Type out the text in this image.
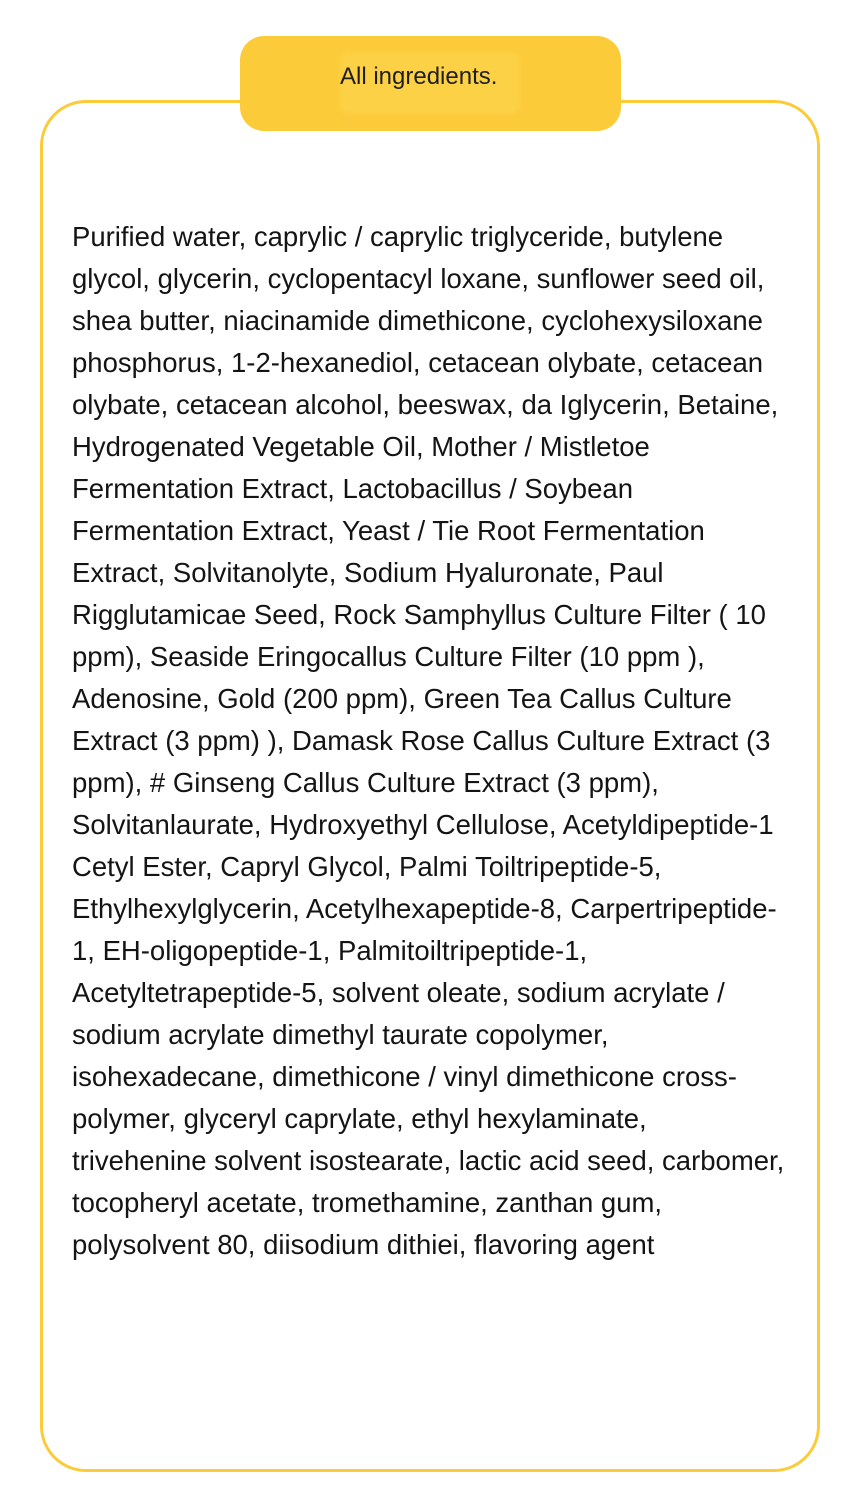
All ingredients.

Purified water, caprylic / caprylic triglyceride, butylene glycol, glycerin, cyclopentacyl loxane, sunflower seed oil, shea butter, niacinamide dimethicone, cyclohexysiloxane phosphorus, 1-2-hexanediol, cetacean olybate, cetacean olybate, cetacean alcohol, beeswax, da Iglycerin, Betaine, Hydrogenated Vegetable Oil, Mother / Mistletoe Fermentation Extract, Lactobacillus / Soybean Fermentation Extract, Yeast / Tie Root Fermentation Extract, Solvitanolyte, Sodium Hyaluronate, Paul Rigglutamicae Seed, Rock Samphyllus Culture Filter ( 10 ppm), Seaside Eringocallus Culture Filter (10 ppm ), Adenosine, Gold (200 ppm), Green Tea Callus Culture Extract (3 ppm) ), Damask Rose Callus Culture Extract (3 ppm), # Ginseng Callus Culture Extract (3 ppm), Solvitanlaurate, Hydroxyethyl Cellulose, Acetyldipeptide-1 Cetyl Ester, Capryl Glycol, Palmi Toiltripeptide-5, Ethylhexylglycerin, Acetylhexapeptide-8, Carpertripeptide-1, EH-oligopeptide-1, Palmitoiltripeptide-1, Acetyltetrapeptide-5, solvent oleate, sodium acrylate / sodium acrylate dimethyl taurate copolymer, isohexadecane, dimethicone / vinyl dimethicone cross-polymer, glyceryl caprylate, ethyl hexylaminate, trivehenine solvent isostearate, lactic acid seed, carbomer, tocopheryl acetate, tromethamine, zanthan gum, polysolvent 80, diisodium dithiei, flavoring agent
